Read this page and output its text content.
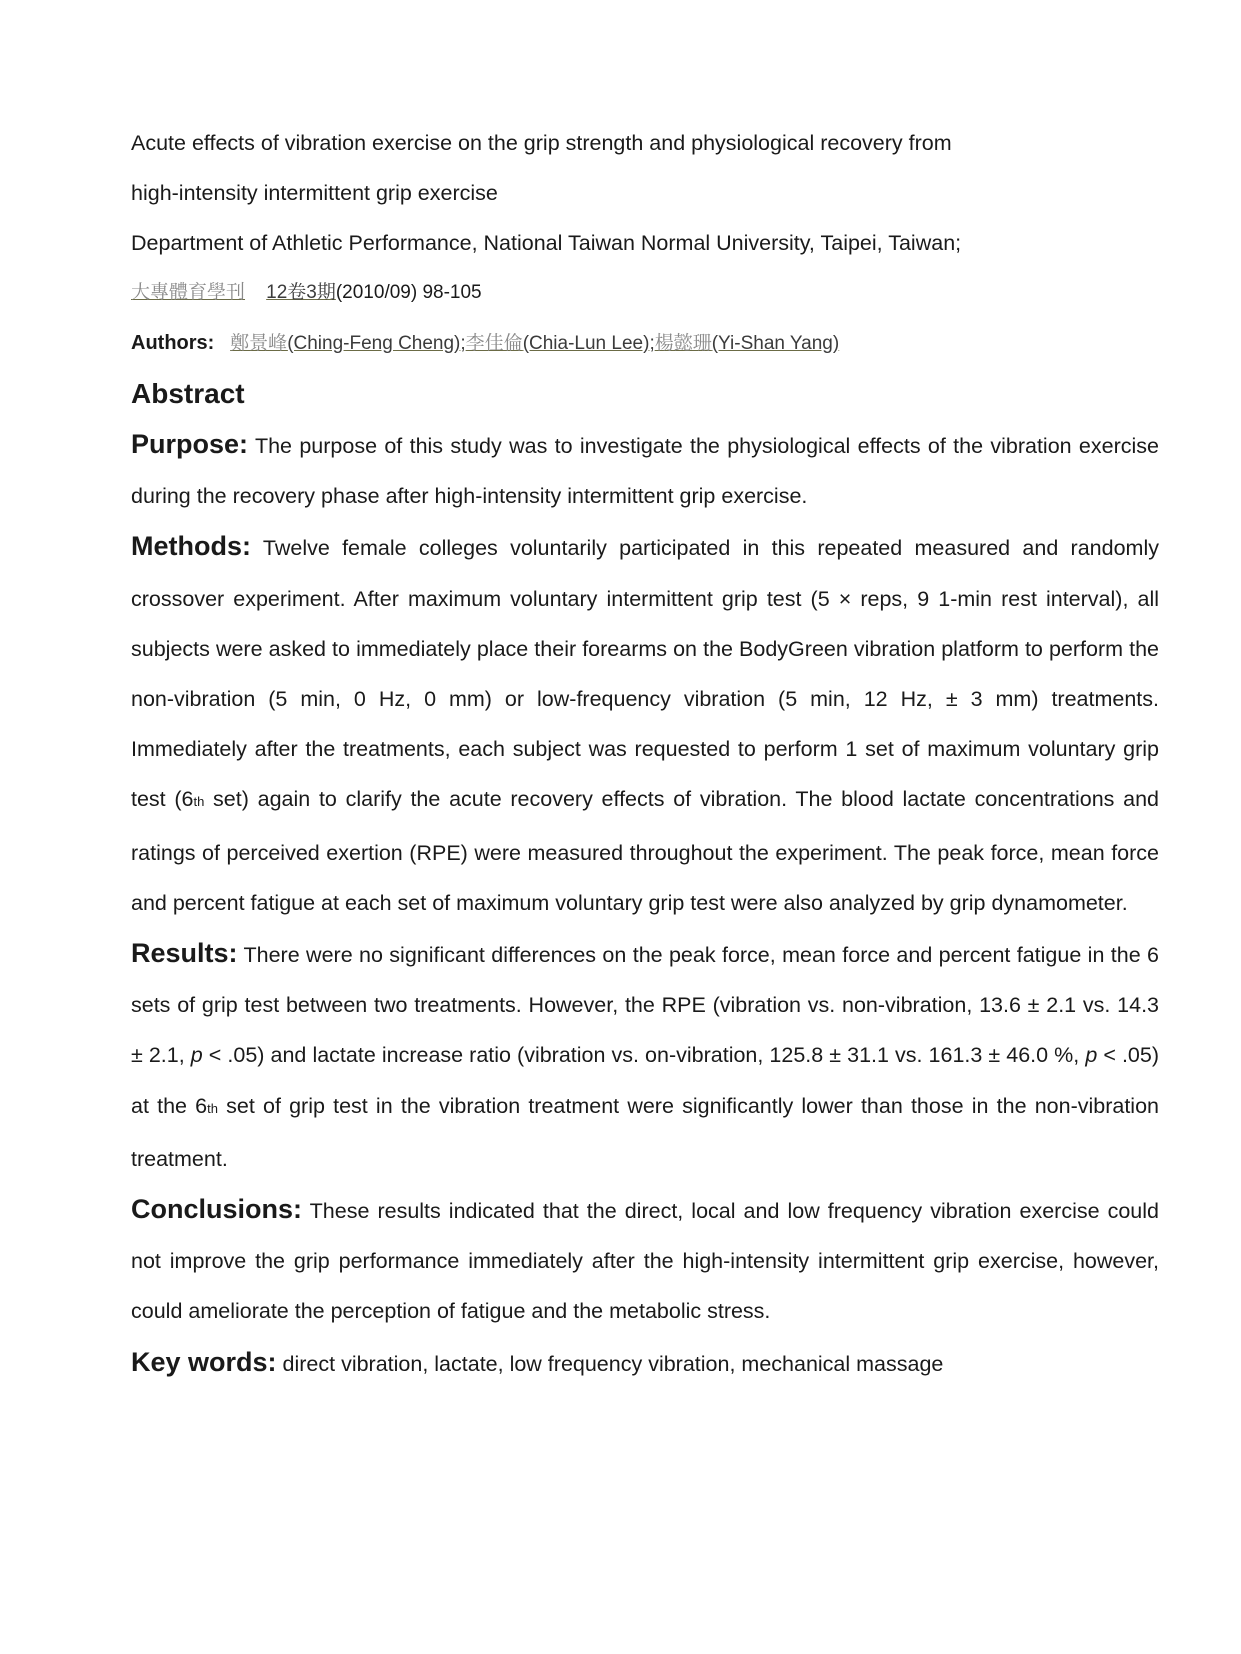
Acute effects of vibration exercise on the grip strength and physiological recovery from
high-intensity intermittent grip exercise
Department of Athletic Performance, National Taiwan Normal University, Taipei, Taiwan;
大專體育學刊 12卷3期(2010/09) 98-105
Authors: 鄭景峰(Ching-Feng Cheng);李佳倫(Chia-Lun Lee);楊懿珊(Yi-Shan Yang)
Abstract

Purpose: The purpose of this study was to investigate the physiological effects of the vibration exercise during the recovery phase after high-intensity intermittent grip exercise.

Methods: Twelve female colleges voluntarily participated in this repeated measured and randomly crossover experiment. After maximum voluntary intermittent grip test (5 × reps, 9 1-min rest interval), all subjects were asked to immediately place their forearms on the BodyGreen vibration platform to perform the non-vibration (5 min, 0 Hz, 0 mm) or low-frequency vibration (5 min, 12 Hz, ± 3 mm) treatments. Immediately after the treatments, each subject was requested to perform 1 set of maximum voluntary grip test (6th set) again to clarify the acute recovery effects of vibration. The blood lactate concentrations and ratings of perceived exertion (RPE) were measured throughout the experiment. The peak force, mean force and percent fatigue at each set of maximum voluntary grip test were also analyzed by grip dynamometer.

Results: There were no significant differences on the peak force, mean force and percent fatigue in the 6 sets of grip test between two treatments. However, the RPE (vibration vs. non-vibration, 13.6 ± 2.1 vs. 14.3 ± 2.1, p < .05) and lactate increase ratio (vibration vs. on-vibration, 125.8 ± 31.1 vs. 161.3 ± 46.0 %, p < .05) at the 6th set of grip test in the vibration treatment were significantly lower than those in the non-vibration treatment.

Conclusions: These results indicated that the direct, local and low frequency vibration exercise could not improve the grip performance immediately after the high-intensity intermittent grip exercise, however, could ameliorate the perception of fatigue and the metabolic stress.

Key words: direct vibration, lactate, low frequency vibration, mechanical massage
